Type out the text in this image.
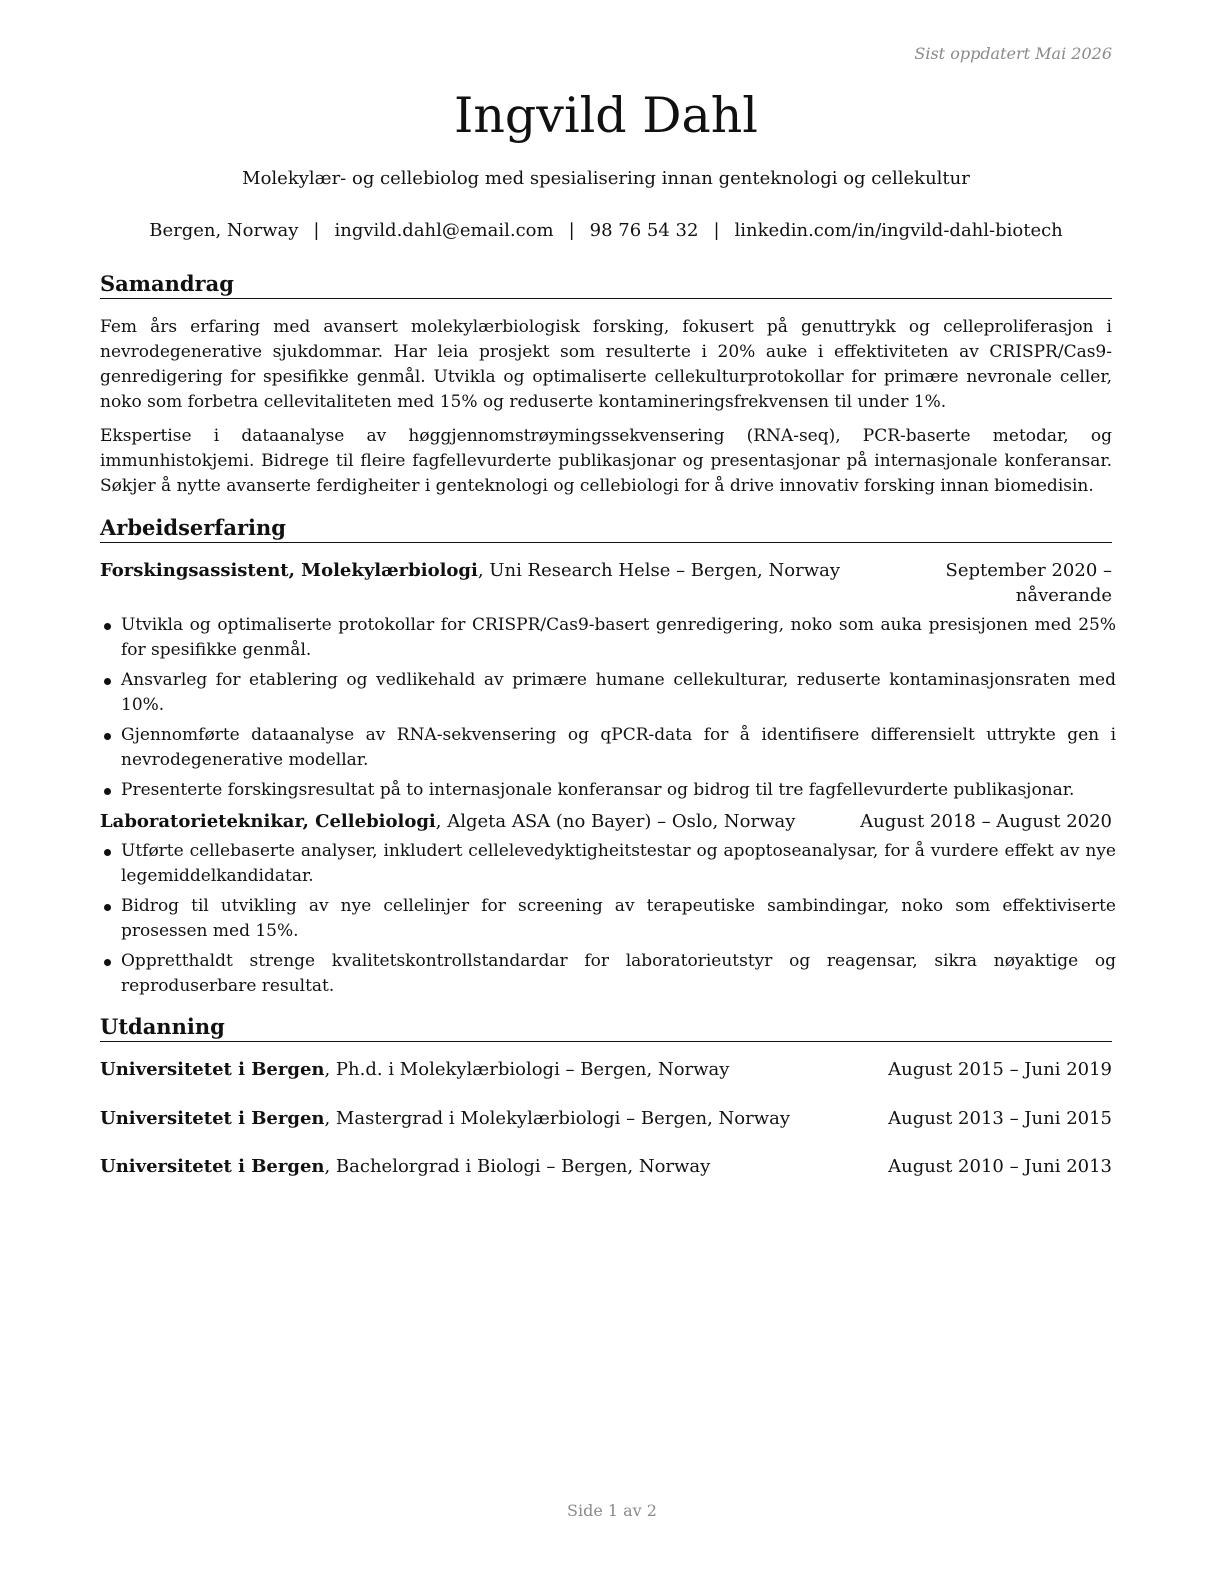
Sist oppdatert Mai 2026
Ingvild Dahl
Molekylær- og cellebiolog med spesialisering innan genteknologi og cellekultur
Bergen, Norway | ingvild.dahl@email.com | 98 76 54 32 | linkedin.com/in/ingvild-dahl-biotech
Samandrag

Fem års erfaring med avansert molekylærbiologisk forsking, fokusert på genuttrykk og celleproliferasjon i nevrodegenerative sjukdommar. Har leia prosjekt som resulterte i 20% auke i effektiviteten av CRISPR/Cas9-genredigering for spesifikke genmål. Utvikla og optimaliserte cellekulturprotokollar for primære nevronale celler, noko som forbetra cellevitaliteten med 15% og reduserte kontamineringsfrekvensen til under 1%.

Ekspertise i dataanalyse av høggjennomstrøymingssekvensering (RNA-seq), PCR-baserte metodar, og immunhistokjemi. Bidrege til fleire fagfellevurderte publikasjonar og presentasjonar på internasjonale konferansar. Søkjer å nytte avanserte ferdigheiter i genteknologi og cellebiologi for å drive innovativ forsking innan biomedisin.

Arbeidserfaring
Forskingsassistent, Molekylærbiologi, Uni Research Helse – Bergen, Norway	September 2020 – nåverande
Utvikla og optimaliserte protokollar for CRISPR/Cas9-basert genredigering, noko som auka presisjonen med 25% for spesifikke genmål.
Ansvarleg for etablering og vedlikehald av primære humane cellekulturar, reduserte kontaminasjonsraten med 10%.
Gjennomførte dataanalyse av RNA-sekvensering og qPCR-data for å identifisere differensielt uttrykte gen i nevrodegenerative modellar.
Presenterte forskingsresultat på to internasjonale konferansar og bidrog til tre fagfellevurderte publikasjonar.
Laboratorieteknikar, Cellebiologi, Algeta ASA (no Bayer) – Oslo, Norway	August 2018 – August 2020
Utførte cellebaserte analyser, inkludert cellelevedyktigheitstestar og apoptoseanalysar, for å vurdere effekt av nye legemiddelkandidatar.
Bidrog til utvikling av nye cellelinjer for screening av terapeutiske sambindingar, noko som effektiviserte prosessen med 15%.
Oppretthaldt strenge kvalitetskontrollstandardar for laboratorieutstyr og reagensar, sikra nøyaktige og reproduserbare resultat.
Utdanning
Universitetet i Bergen, Ph.d. i Molekylærbiologi – Bergen, Norway	August 2015 – Juni 2019
Universitetet i Bergen, Mastergrad i Molekylærbiologi – Bergen, Norway	August 2013 – Juni 2015
Universitetet i Bergen, Bachelorgrad i Biologi – Bergen, Norway	August 2010 – Juni 2013
Side 1 av 2
